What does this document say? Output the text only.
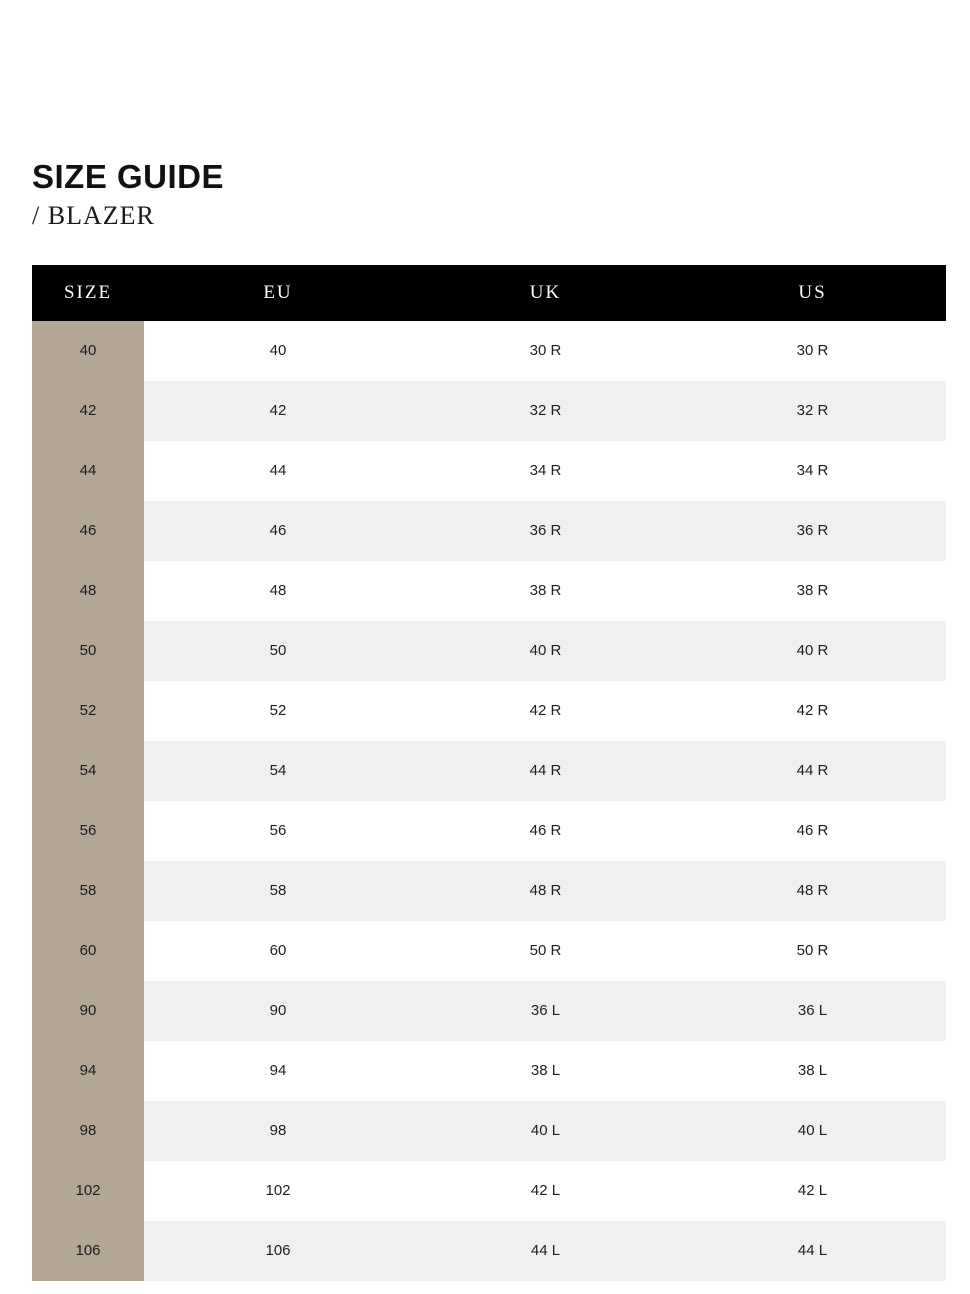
SIZE GUIDE
/ BLAZER
SIZE	EU	UK	US
40	40	30 R	30 R
42	42	32 R	32 R
44	44	34 R	34 R
46	46	36 R	36 R
48	48	38 R	38 R
50	50	40 R	40 R
52	52	42 R	42 R
54	54	44 R	44 R
56	56	46 R	46 R
58	58	48 R	48 R
60	60	50 R	50 R
90	90	36 L	36 L
94	94	38 L	38 L
98	98	40 L	40 L
102	102	42 L	42 L
106	106	44 L	44 L
